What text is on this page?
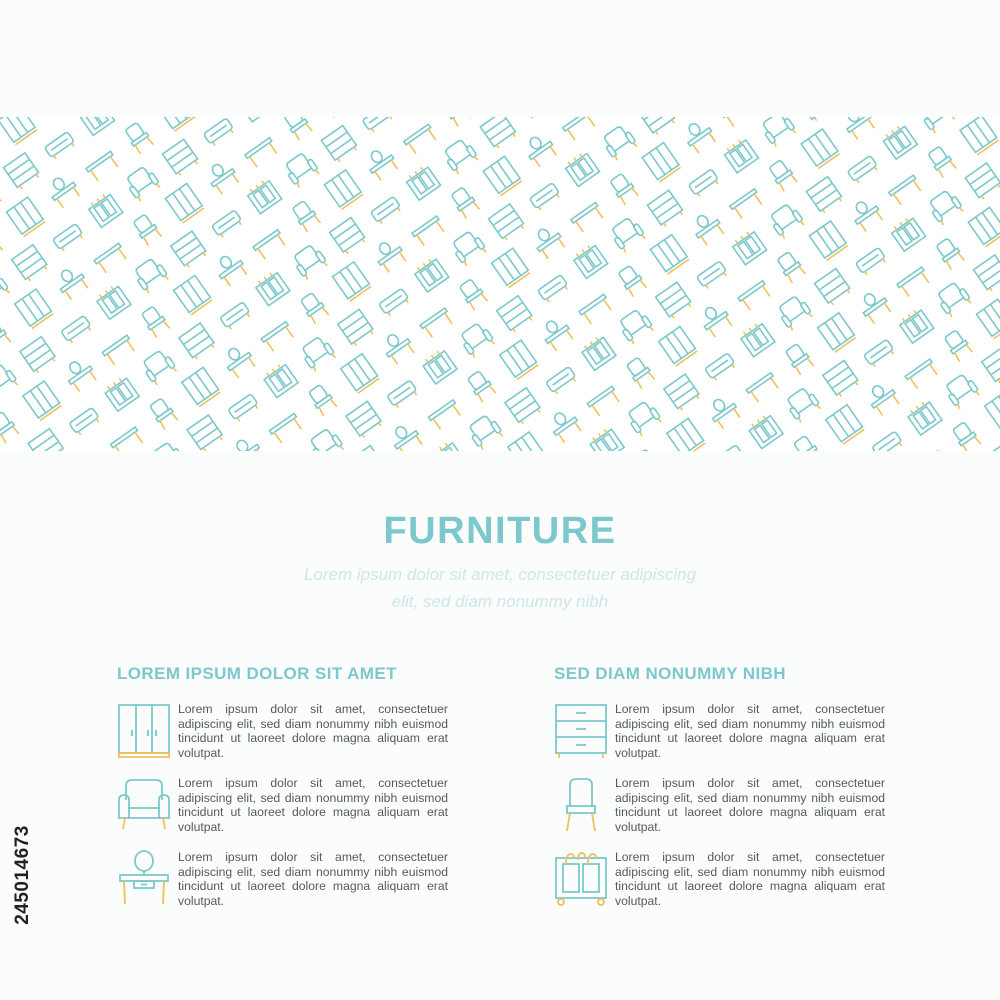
FURNITURE
Lorem ipsum dolor sit amet, consectetuer adipiscing elit, sed diam nonummy nibh
LOREM IPSUM DOLOR SIT AMET
Lorem ipsum dolor sit amet, consectetuer adipiscing elit, sed diam nonummy nibh euismod tincidunt ut laoreet dolore magna aliquam erat volutpat.
Lorem ipsum dolor sit amet, consectetuer adipiscing elit, sed diam nonummy nibh euismod tincidunt ut laoreet dolore magna aliquam erat volutpat.
Lorem ipsum dolor sit amet, consectetuer adipiscing elit, sed diam nonummy nibh euismod tincidunt ut laoreet dolore magna aliquam erat volutpat.
SED DIAM NONUMMY NIBH
Lorem ipsum dolor sit amet, consectetuer adipiscing elit, sed diam nonummy nibh euismod tincidunt ut laoreet dolore magna aliquam erat volutpat.
Lorem ipsum dolor sit amet, consectetuer adipiscing elit, sed diam nonummy nibh euismod tincidunt ut laoreet dolore magna aliquam erat volutpat.
Lorem ipsum dolor sit amet, consectetuer adipiscing elit, sed diam nonummy nibh euismod tincidunt ut laoreet dolore magna aliquam erat volutpat.
245014673
